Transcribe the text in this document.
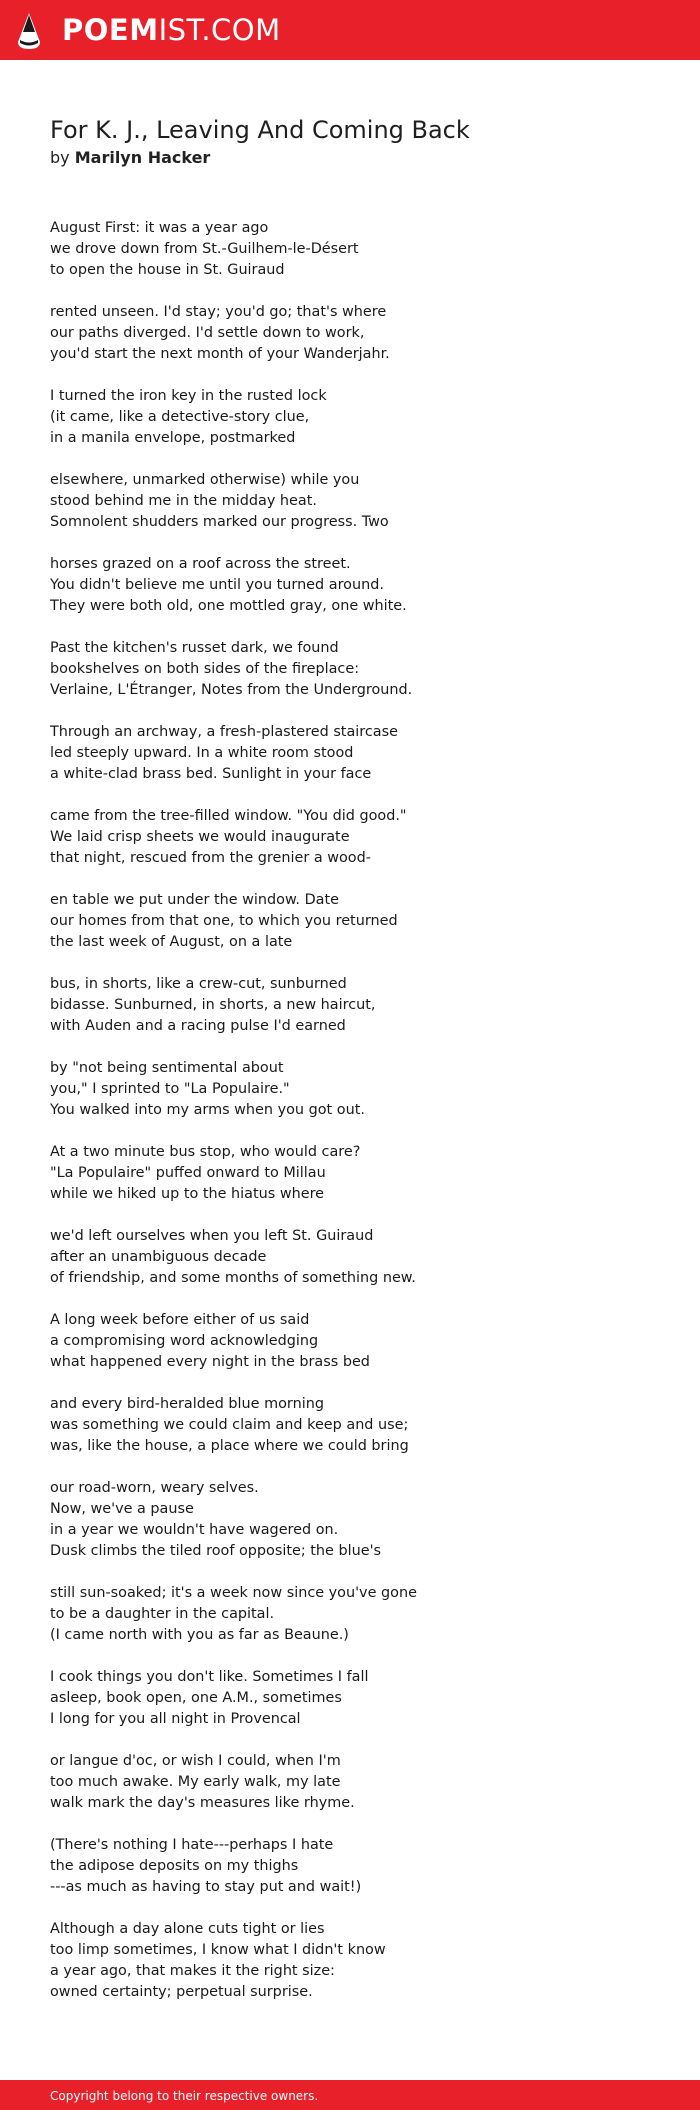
POEMIST.COM
For K. J., Leaving And Coming Back
by Marilyn Hacker
August First: it was a year ago
we drove down from St.-Guilhem-le-Désert
to open the house in St. Guiraud
rented unseen. I'd stay; you'd go; that's where
our paths diverged. I'd settle down to work,
you'd start the next month of your Wanderjahr.
I turned the iron key in the rusted lock
(it came, like a detective-story clue,
in a manila envelope, postmarked
elsewhere, unmarked otherwise) while you
stood behind me in the midday heat.
Somnolent shudders marked our progress. Two
horses grazed on a roof across the street.
You didn't believe me until you turned around.
They were both old, one mottled gray, one white.
Past the kitchen's russet dark, we found
bookshelves on both sides of the fireplace:
Verlaine, L'Étranger, Notes from the Underground.
Through an archway, a fresh-plastered staircase
led steeply upward. In a white room stood
a white-clad brass bed. Sunlight in your face
came from the tree-filled window. "You did good."
We laid crisp sheets we would inaugurate
that night, rescued from the grenier a wood-
en table we put under the window. Date
our homes from that one, to which you returned
the last week of August, on a late
bus, in shorts, like a crew-cut, sunburned
bidasse. Sunburned, in shorts, a new haircut,
with Auden and a racing pulse I'd earned
by "not being sentimental about
you," I sprinted to "La Populaire."
You walked into my arms when you got out.
At a two minute bus stop, who would care?
"La Populaire" puffed onward to Millau
while we hiked up to the hiatus where
we'd left ourselves when you left St. Guiraud
after an unambiguous decade
of friendship, and some months of something new.
A long week before either of us said
a compromising word acknowledging
what happened every night in the brass bed
and every bird-heralded blue morning
was something we could claim and keep and use;
was, like the house, a place where we could bring
our road-worn, weary selves.
Now, we've a pause
in a year we wouldn't have wagered on.
Dusk climbs the tiled roof opposite; the blue's
still sun-soaked; it's a week now since you've gone
to be a daughter in the capital.
(I came north with you as far as Beaune.)
I cook things you don't like. Sometimes I fall
asleep, book open, one A.M., sometimes
I long for you all night in Provencal
or langue d'oc, or wish I could, when I'm
too much awake. My early walk, my late
walk mark the day's measures like rhyme.
(There's nothing I hate---perhaps I hate
the adipose deposits on my thighs
---as much as having to stay put and wait!)
Although a day alone cuts tight or lies
too limp sometimes, I know what I didn't know
a year ago, that makes it the right size:
owned certainty; perpetual surprise.
Copyright belong to their respective owners.
